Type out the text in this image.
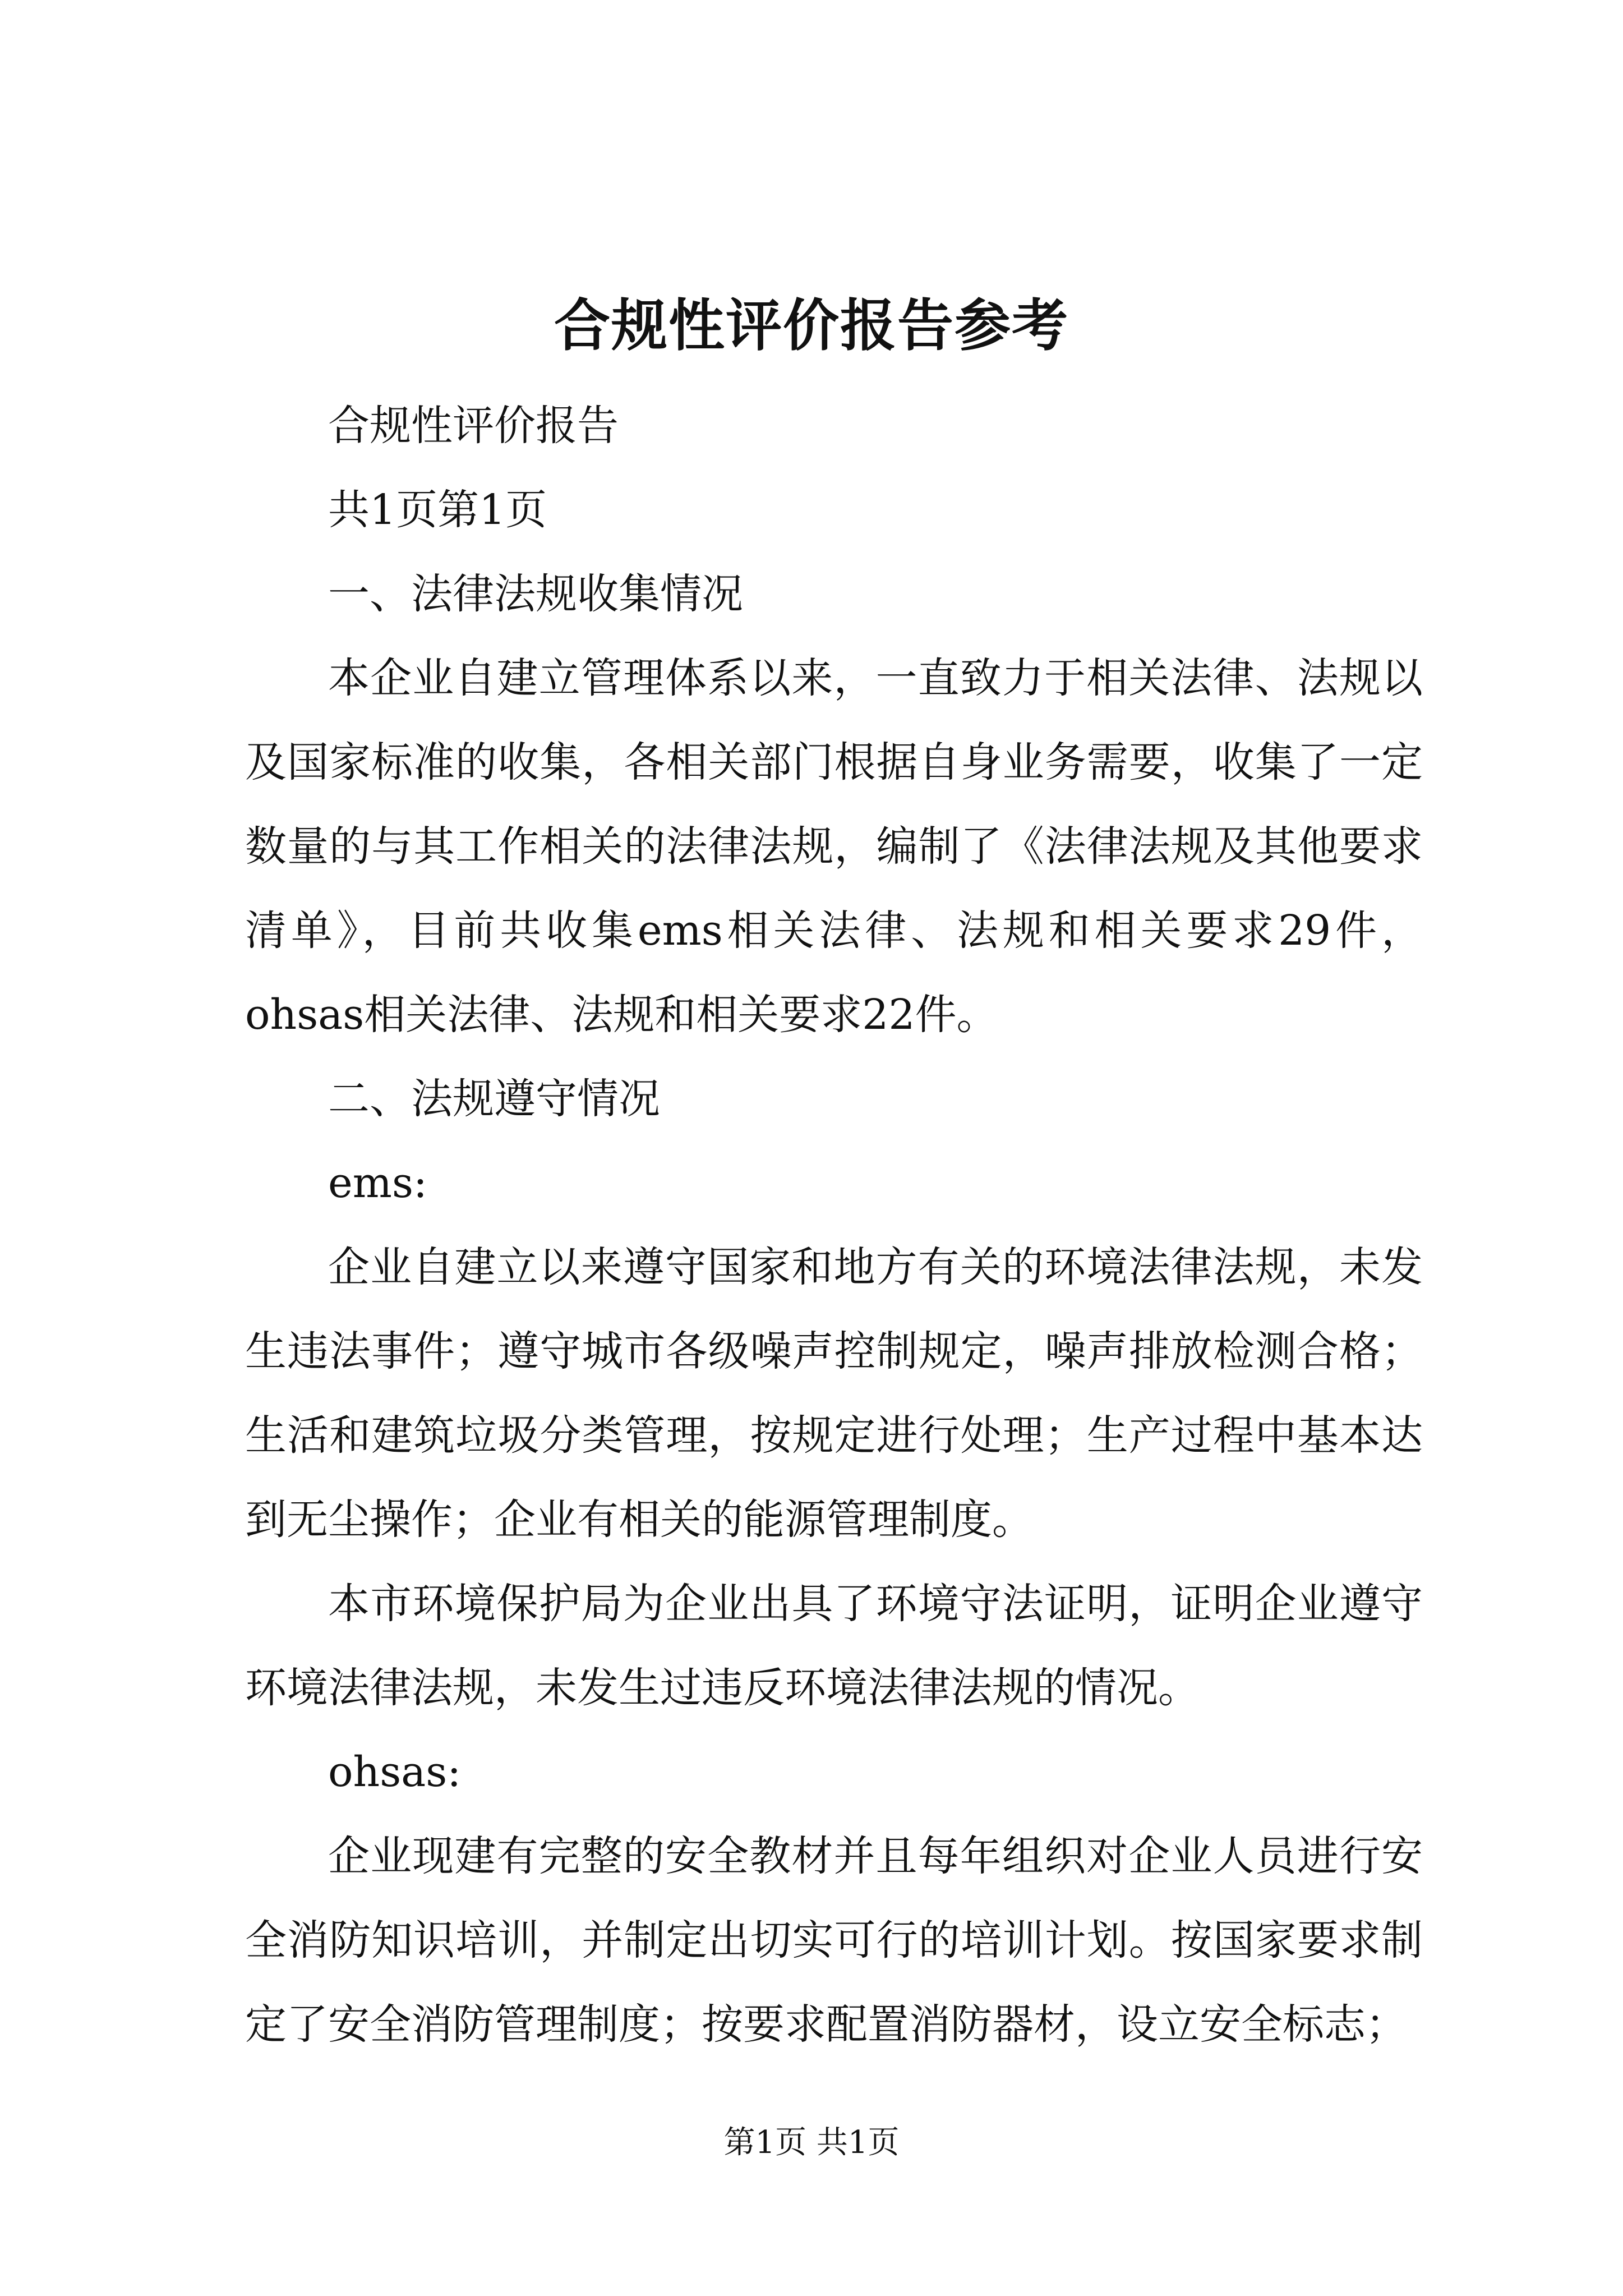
合规性评价报告参考

合规性评价报告

共1页第1页

一、法律法规收集情况

本企业自建立管理体系以来，一直致力于相关法律、法规以及国家标准的收集，各相关部门根据自身业务需要，收集了一定数量的与其工作相关的法律法规，编制了《法律法规及其他要求清单》，目前共收集ems相关法律、法规和相关要求29件，ohsas相关法律、法规和相关要求22件。

二、法规遵守情况

ems:

企业自建立以来遵守国家和地方有关的环境法律法规，未发生违法事件；遵守城市各级噪声控制规定，噪声排放检测合格；生活和建筑垃圾分类管理，按规定进行处理；生产过程中基本达到无尘操作；企业有相关的能源管理制度。

本市环境保护局为企业出具了环境守法证明，证明企业遵守环境法律法规，未发生过违反环境法律法规的情况。

ohsas:

企业现建有完整的安全教材并且每年组织对企业人员进行安全消防知识培训，并制定出切实可行的培训计划。按国家要求制定了安全消防管理制度；按要求配置消防器材，设立安全标志；

第1页 共1页
